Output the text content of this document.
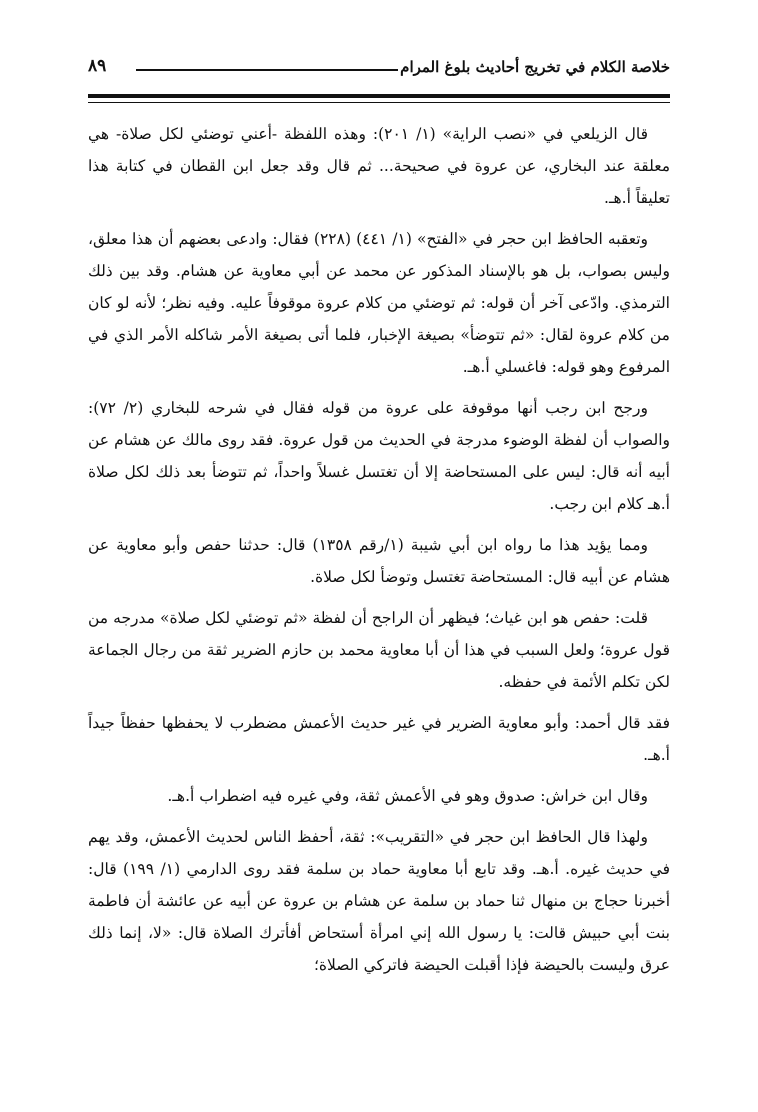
خلاصة الكلام في تخريج أحاديث بلوغ المرام
٨٩

قال الزيلعي في «نصب الراية» (١/ ٢٠١): وهذه اللفظة -أعني توضئي لكل صلاة- هي معلقة عند البخاري، عن عروة في صحيحة... ثم قال وقد جعل ابن القطان في كتابة هذا تعليقاً أ.هـ.

وتعقبه الحافظ ابن حجر في «الفتح» (١/ ٤٤١) (٢٢٨) فقال: وادعى بعضهم أن هذا معلق، وليس بصواب، بل هو بالإسناد المذكور عن محمد عن أبي معاوية عن هشام. وقد بين ذلك الترمذي. وادّعى آخر أن قوله: ثم توضئي من كلام عروة موقوفاً عليه. وفيه نظر؛ لأنه لو كان من كلام عروة لقال: «ثم تتوضأ» بصيغة الإخبار، فلما أتى بصيغة الأمر شاكله الأمر الذي في المرفوع وهو قوله: فاغسلي أ.هـ.

ورجح ابن رجب أنها موقوفة على عروة من قوله فقال في شرحه للبخاري (٢/ ٧٢): والصواب أن لفظة الوضوء مدرجة في الحديث من قول عروة. فقد روى مالك عن هشام عن أبيه أنه قال: ليس على المستحاضة إلا أن تغتسل غسلاً واحداً، ثم تتوضأ بعد ذلك لكل صلاة أ.هـ كلام ابن رجب.

ومما يؤيد هذا ما رواه ابن أبي شيبة (١/رقم ١٣٥٨) قال: حدثنا حفص وأبو معاوية عن هشام عن أبيه قال: المستحاضة تغتسل وتوضأ لكل صلاة.

قلت: حفص هو ابن غياث؛ فيظهر أن الراجح أن لفظة «ثم توضئي لكل صلاة» مدرجه من قول عروة؛ ولعل السبب في هذا أن أبا معاوية محمد بن حازم الضرير ثقة من رجال الجماعة لكن تكلم الأئمة في حفظه.

فقد قال أحمد: وأبو معاوية الضرير في غير حديث الأعمش مضطرب لا يحفظها حفظاً جيداً أ.هـ.

وقال ابن خراش: صدوق وهو في الأعمش ثقة، وفي غيره فيه اضطراب أ.هـ.

ولهذا قال الحافظ ابن حجر في «التقريب»: ثقة، أحفظ الناس لحديث الأعمش، وقد يهم في حديث غيره. أ.هـ. وقد تابع أبا معاوية حماد بن سلمة فقد روى الدارمي (١/ ١٩٩) قال: أخبرنا حجاج بن منهال ثنا حماد بن سلمة عن هشام بن عروة عن أبيه عن عائشة أن فاطمة بنت أبي حبيش قالت: يا رسول الله إني امرأة أستحاض أفأترك الصلاة قال: «لا، إنما ذلك عرق وليست بالحيضة فإذا أقبلت الحيضة فاتركي الصلاة؛
